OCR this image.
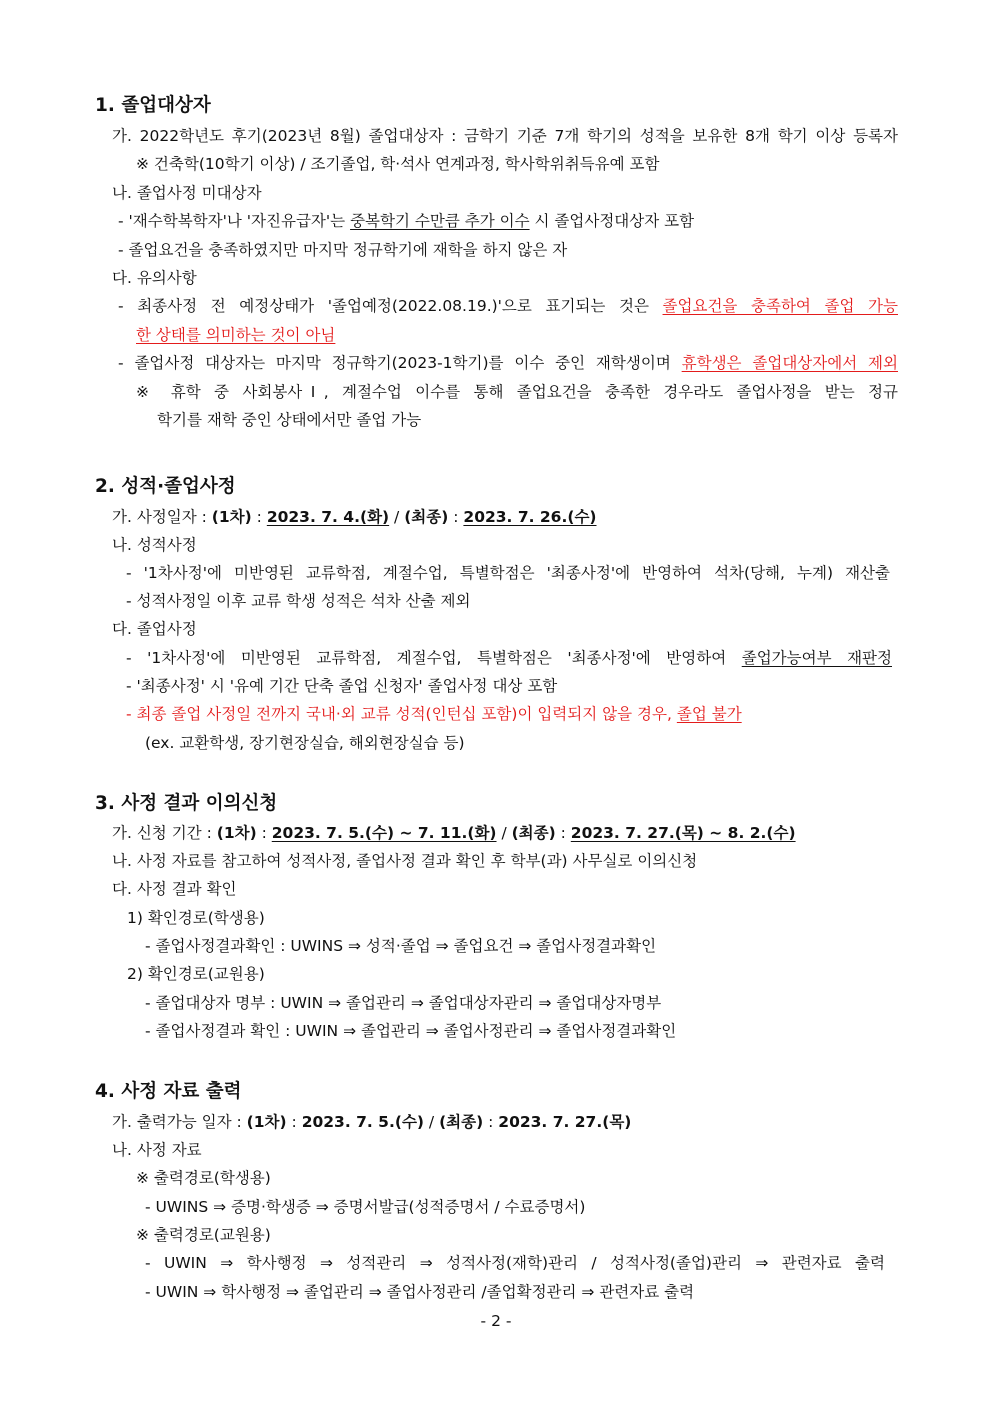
1. 졸업대상자
가. 2022학년도 후기(2023년 8월) 졸업대상자 : 금학기 기준 7개 학기의 성적을 보유한 8개 학기 이상 등록자
※ 건축학(10학기 이상) / 조기졸업, 학·석사 연계과정, 학사학위취득유예 포함
나. 졸업사정 미대상자
- '재수학복학자'나 '자진유급자'는 중복학기 수만큼 추가 이수 시 졸업사정대상자 포함
- 졸업요건을 충족하였지만 마지막 정규학기에 재학을 하지 않은 자
다. 유의사항
- 최종사정 전 예정상태가 '졸업예정(2022.08.19.)'으로 표기되는 것은 졸업요건을 충족하여 졸업 가능
한 상태를 의미하는 것이 아님
- 졸업사정 대상자는 마지막 정규학기(2023-1학기)를 이수 중인 재학생이며 휴학생은 졸업대상자에서 제외
※ 휴학 중 사회봉사Ⅰ, 계절수업 이수를 통해 졸업요건을 충족한 경우라도 졸업사정을 받는 정규
학기를 재학 중인 상태에서만 졸업 가능
2. 성적·졸업사정
가. 사정일자 : (1차) : 2023. 7. 4.(화) / (최종) : 2023. 7. 26.(수)
나. 성적사정
- '1차사정'에 미반영된 교류학점, 계절수업, 특별학점은 '최종사정'에 반영하여 석차(당해, 누계) 재산출
- 성적사정일 이후 교류 학생 성적은 석차 산출 제외
다. 졸업사정
- '1차사정'에 미반영된 교류학점, 계절수업, 특별학점은 '최종사정'에 반영하여 졸업가능여부 재판정
- '최종사정' 시 '유예 기간 단축 졸업 신청자' 졸업사정 대상 포함
- 최종 졸업 사정일 전까지 국내·외 교류 성적(인턴십 포함)이 입력되지 않을 경우, 졸업 불가
(ex. 교환학생, 장기현장실습, 해외현장실습 등)
3. 사정 결과 이의신청
가. 신청 기간 : (1차) : 2023. 7. 5.(수) ~ 7. 11.(화) / (최종) : 2023. 7. 27.(목) ~ 8. 2.(수)
나. 사정 자료를 참고하여 성적사정, 졸업사정 결과 확인 후 학부(과) 사무실로 이의신청
다. 사정 결과 확인
1) 확인경로(학생용)
- 졸업사정결과확인 : UWINS ⇒ 성적·졸업 ⇒ 졸업요건 ⇒ 졸업사정결과확인
2) 확인경로(교원용)
- 졸업대상자 명부 : UWIN ⇒ 졸업관리 ⇒ 졸업대상자관리 ⇒ 졸업대상자명부
- 졸업사정결과 확인 : UWIN ⇒ 졸업관리 ⇒ 졸업사정관리 ⇒ 졸업사정결과확인
4. 사정 자료 출력
가. 출력가능 일자 : (1차) : 2023. 7. 5.(수) / (최종) : 2023. 7. 27.(목)
나. 사정 자료
※ 출력경로(학생용)
- UWINS ⇒ 증명·학생증 ⇒ 증명서발급(성적증명서 / 수료증명서)
※ 출력경로(교원용)
- UWIN ⇒ 학사행정 ⇒ 성적관리 ⇒ 성적사정(재학)관리 / 성적사정(졸업)관리 ⇒ 관련자료 출력
- UWIN ⇒ 학사행정 ⇒ 졸업관리 ⇒ 졸업사정관리 /졸업확정관리 ⇒ 관련자료 출력
- 2 -
